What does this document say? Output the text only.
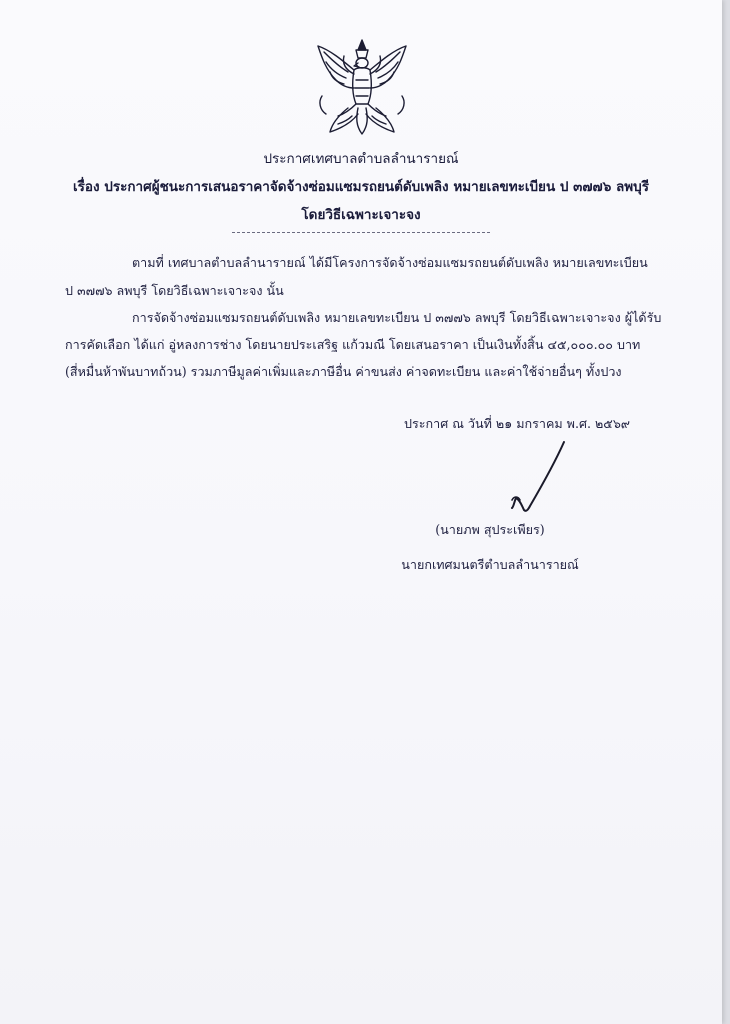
ประกาศเทศบาลตำบลลำนารายณ์
เรื่อง ประกาศผู้ชนะการเสนอราคาจัดจ้างซ่อมแซมรถยนต์ดับเพลิง หมายเลขทะเบียน ป ๓๗๗๖ ลพบุรี
โดยวิธีเฉพาะเจาะจง
ตามที่ เทศบาลตำบลลำนารายณ์ ได้มีโครงการจัดจ้างซ่อมแซมรถยนต์ดับเพลิง หมายเลขทะเบียน
ป ๓๗๗๖ ลพบุรี โดยวิธีเฉพาะเจาะจง นั้น
การจัดจ้างซ่อมแซมรถยนต์ดับเพลิง หมายเลขทะเบียน ป ๓๗๗๖ ลพบุรี โดยวิธีเฉพาะเจาะจง ผู้ได้รับ
การคัดเลือก ได้แก่ อู่หลงการช่าง โดยนายประเสริฐ แก้วมณี โดยเสนอราคา เป็นเงินทั้งสิ้น ๔๕,๐๐๐.๐๐ บาท
(สี่หมื่นห้าพันบาทถ้วน) รวมภาษีมูลค่าเพิ่มและภาษีอื่น ค่าขนส่ง ค่าจดทะเบียน และค่าใช้จ่ายอื่นๆ ทั้งปวง
ประกาศ ณ วันที่ ๒๑ มกราคม พ.ศ. ๒๕๖๙
(นายภพ สุประเพียร)
นายกเทศมนตรีตำบลลำนารายณ์
